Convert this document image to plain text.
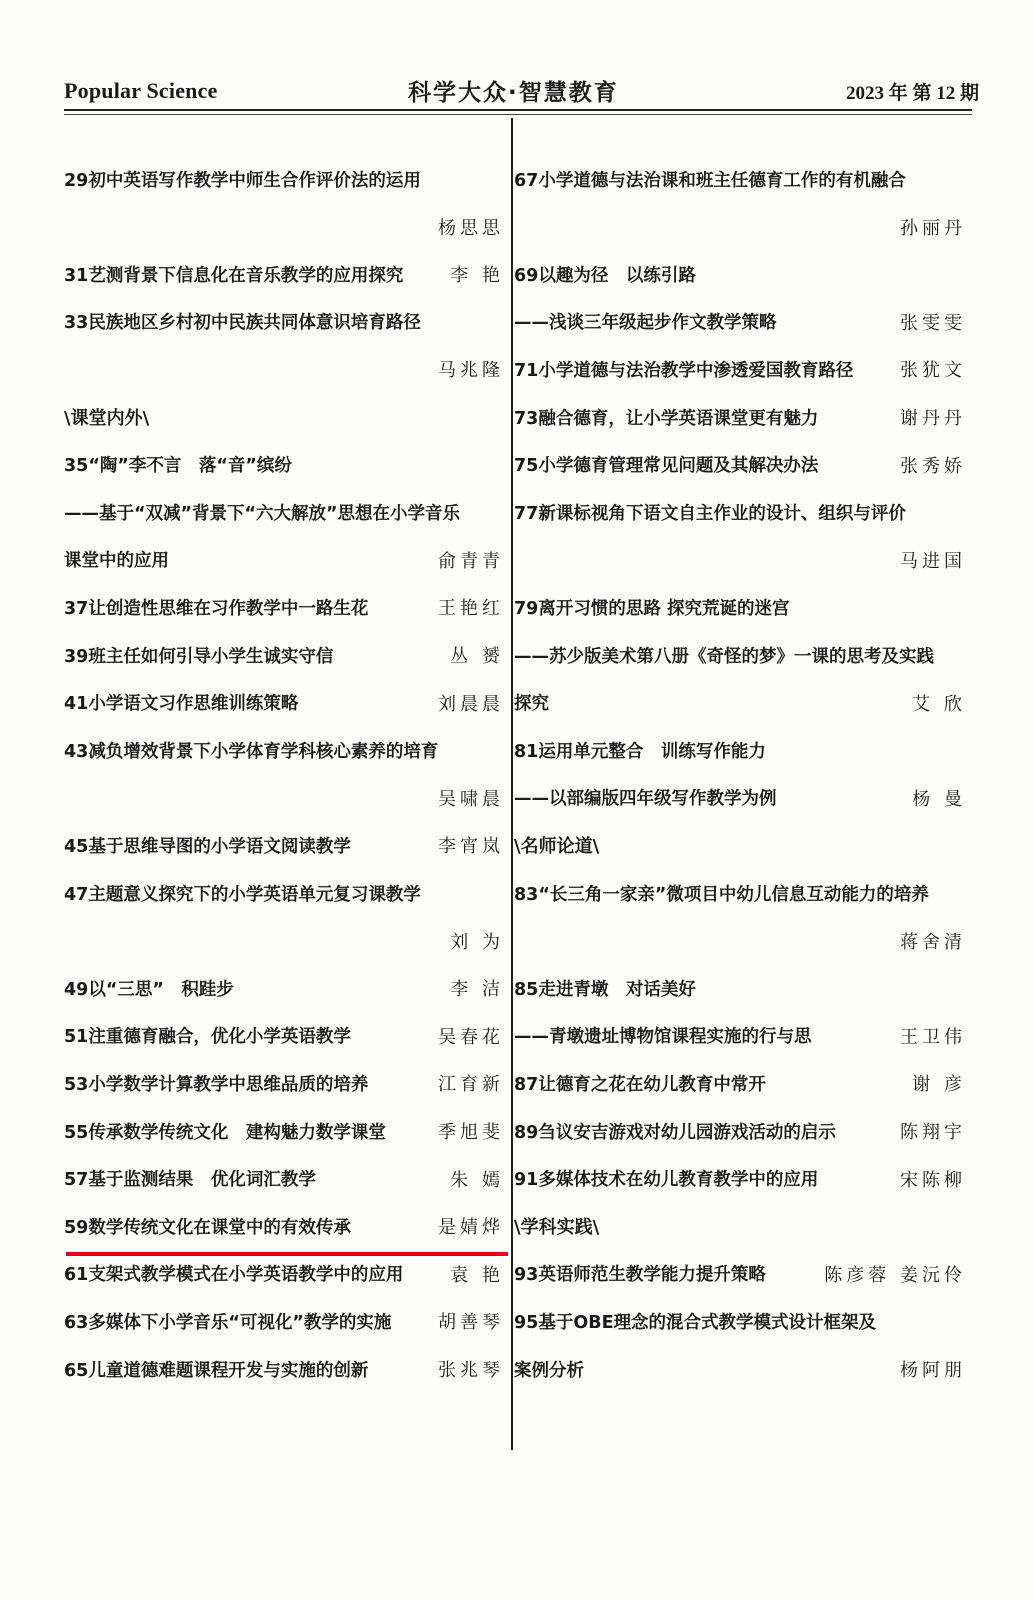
Popular Science	科学大众·智慧教育	2023 年 第 12 期
29初中英语写作教学中师生合作评价法的运用
杨思思
31艺测背景下信息化在音乐教学的应用探究	李 艳
33民族地区乡村初中民族共同体意识培育路径
马兆隆
\课堂内外\
35“陶”李不言　落“音”缤纷
——基于“双减”背景下“六大解放”思想在小学音乐
课堂中的应用	俞青青
37让创造性思维在习作教学中一路生花	王艳红
39班主任如何引导小学生诚实守信	丛 赟
41小学语文习作思维训练策略	刘晨晨
43减负增效背景下小学体育学科核心素养的培育
吴啸晨
45基于思维导图的小学语文阅读教学	李宵岚
47主题意义探究下的小学英语单元复习课教学
刘 为
49以“三思”　积跬步	李 洁
51注重德育融合，优化小学英语教学	吴春花
53小学数学计算教学中思维品质的培养	江育新
55传承数学传统文化　建构魅力数学课堂	季旭斐
57基于监测结果　优化词汇教学	朱 嫣
59数学传统文化在课堂中的有效传承	是婧烨
61支架式教学模式在小学英语教学中的应用	袁 艳
63多媒体下小学音乐“可视化”教学的实施	胡善琴
65儿童道德难题课程开发与实施的创新	张兆琴
67小学道德与法治课和班主任德育工作的有机融合
孙丽丹
69以趣为径　以练引路
——浅谈三年级起步作文教学策略	张雯雯
71小学道德与法治教学中渗透爱国教育路径	张犹文
73融合德育，让小学英语课堂更有魅力	谢丹丹
75小学德育管理常见问题及其解决办法	张秀娇
77新课标视角下语文自主作业的设计、组织与评价
马进国
79离开习惯的思路 探究荒诞的迷宫
——苏少版美术第八册《奇怪的梦》一课的思考及实践
探究	艾 欣
81运用单元整合　训练写作能力
——以部编版四年级写作教学为例	杨 曼
\名师论道\
83“长三角一家亲”微项目中幼儿信息互动能力的培养
蒋舍清
85走进青墩　对话美好
——青墩遗址博物馆课程实施的行与思	王卫伟
87让德育之花在幼儿教育中常开	谢 彦
89刍议安吉游戏对幼儿园游戏活动的启示	陈翔宇
91多媒体技术在幼儿教育教学中的应用	宋陈柳
\学科实践\
93英语师范生教学能力提升策略	陈彦蓉 姜沅伶
95基于OBE理念的混合式教学模式设计框架及
案例分析	杨阿朋
